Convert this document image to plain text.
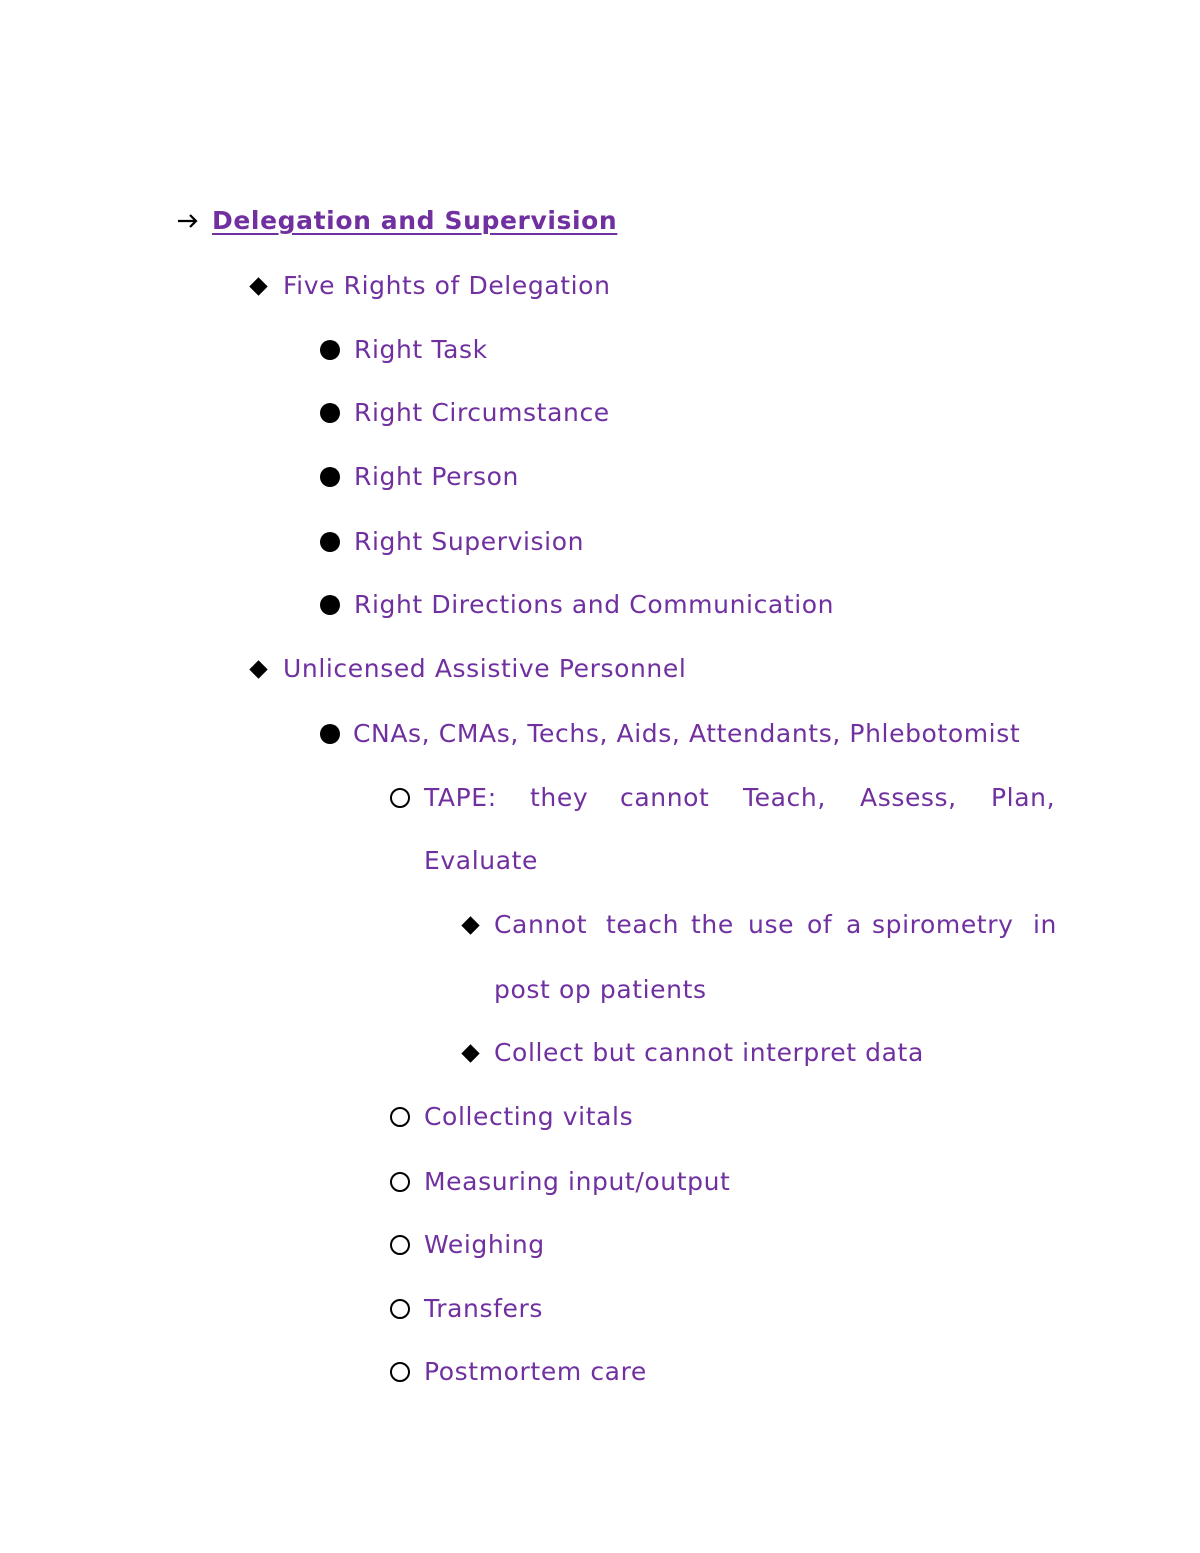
Delegation and Supervision
Five Rights of Delegation
Right Task
Right Circumstance
Right Person
Right Supervision
Right Directions and Communication
Unlicensed Assistive Personnel
CNAs, CMAs, Techs, Aids, Attendants, Phlebotomist
TAPE: they cannot Teach, Assess, Plan,
Evaluate
Cannot teach the use of a spirometry in
post op patients
Collect but cannot interpret data
Collecting vitals
Measuring input/output
Weighing
Transfers
Postmortem care
